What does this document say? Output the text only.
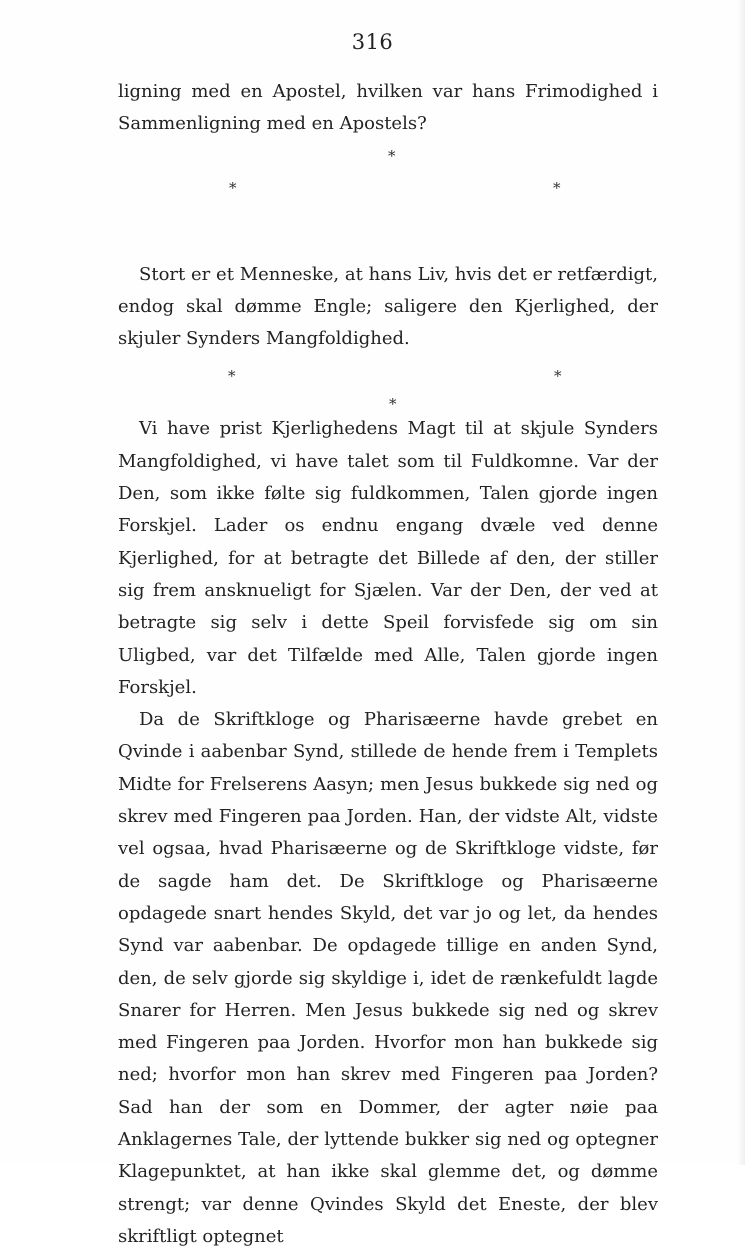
316

ligning med en Apostel, hvilken var hans Frimodighed i Sammenligning med en Apostels?

*
*	*

Stort er et Menneske, at hans Liv, hvis det er retfærdigt, endog skal dømme Engle; saligere den Kjerlighed, der skjuler Synders Mangfoldighed.

*	*
*

Vi have prist Kjerlighedens Magt til at skjule Synders Mangfoldighed, vi have talet som til Fuldkomne. Var der Den, som ikke følte sig fuldkommen, Talen gjorde ingen Forskjel. Lader os endnu engang dvæle ved denne Kjerlighed, for at betragte det Billede af den, der stiller sig frem ansknueligt for Sjælen. Var der Den, der ved at betragte sig selv i dette Speil forvisfede sig om sin Uligbed, var det Tilfælde med Alle, Talen gjorde ingen Forskjel.

Da de Skriftkloge og Pharisæerne havde grebet en Qvinde i aabenbar Synd, stillede de hende frem i Templets Midte for Frelserens Aasyn; men Jesus bukkede sig ned og skrev med Fingeren paa Jorden. Han, der vidste Alt, vidste vel ogsaa, hvad Pharisæerne og de Skriftkloge vidste, før de sagde ham det. De Skriftkloge og Pharisæerne opdagede snart hendes Skyld, det var jo og let, da hendes Synd var aabenbar. De opdagede tillige en anden Synd, den, de selv gjorde sig skyldige i, idet de rænkefuldt lagde Snarer for Herren. Men Jesus bukkede sig ned og skrev med Fingeren paa Jorden. Hvorfor mon han bukkede sig ned; hvorfor mon han skrev med Fingeren paa Jorden? Sad han der som en Dommer, der agter nøie paa Anklagernes Tale, der lyttende bukker sig ned og optegner Klagepunktet, at han ikke skal glemme det, og dømme strengt; var denne Qvindes Skyld det Eneste, der blev skriftligt optegnet
